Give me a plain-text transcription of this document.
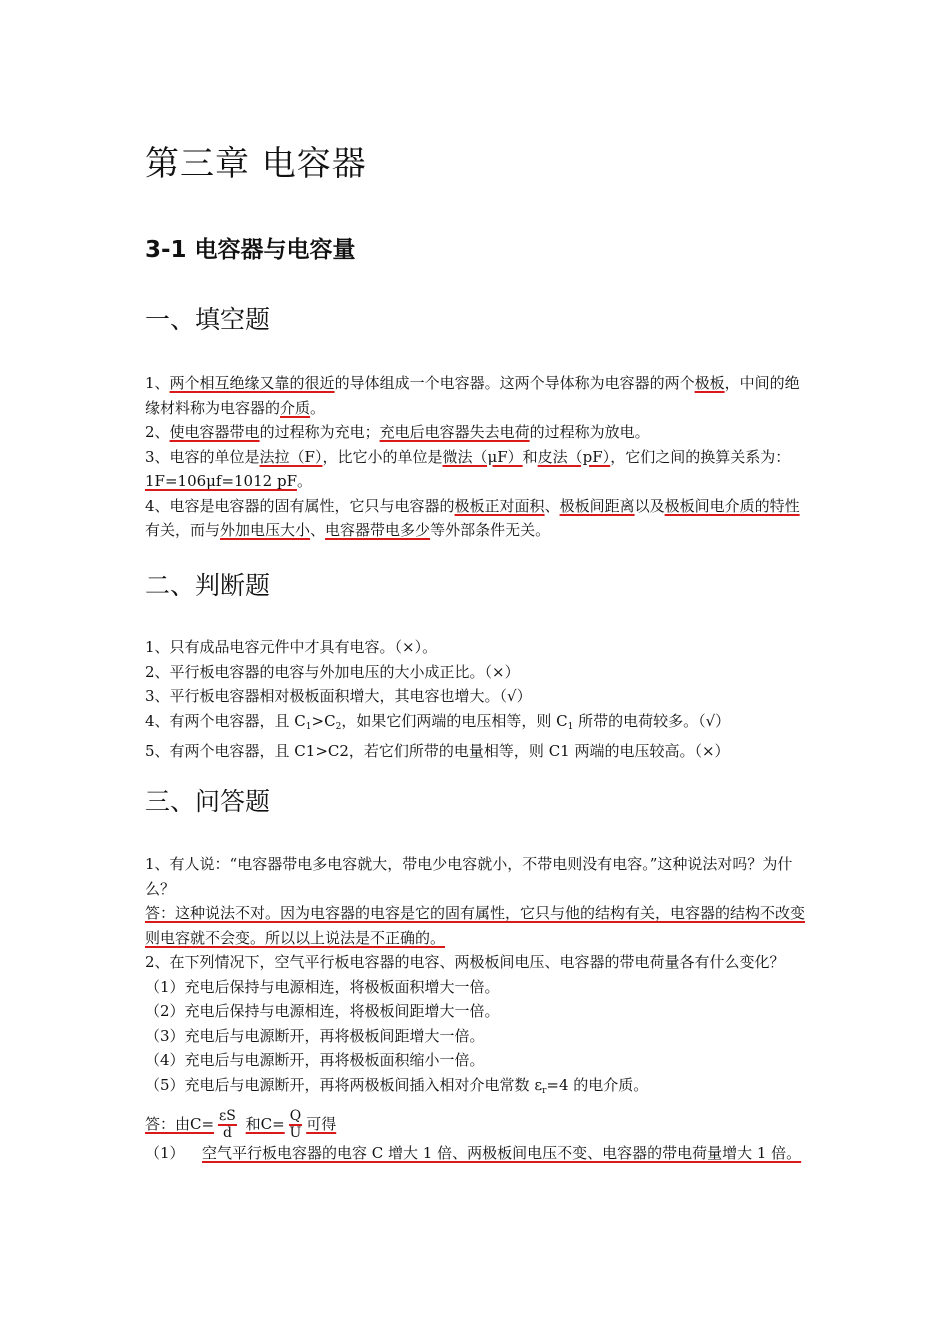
第三章 电容器
3-1 电容器与电容量
一、填空题

1、两个相互绝缘又靠的很近的导体组成一个电容器。这两个导体称为电容器的两个极板，中间的绝缘材料称为电容器的介质。

2、使电容器带电的过程称为充电；充电后电容器失去电荷的过程称为放电。

3、电容的单位是法拉（F），比它小的单位是微法（μF）和皮法（pF），它们之间的换算关系为：1F=106μf=1012 pF。

4、电容是电容器的固有属性，它只与电容器的极板正对面积、极板间距离以及极板间电介质的特性有关，而与外加电压大小、电容器带电多少等外部条件无关。

二、判断题

1、只有成品电容元件中才具有电容。（×）。

2、平行板电容器的电容与外加电压的大小成正比。（×）

3、平行板电容器相对极板面积增大，其电容也增大。（√）

4、有两个电容器，且 $C_1>C_2$，如果它们两端的电压相等，则 $C_1$ 所带的电荷较多。（√）

5、有两个电容器，且 C1>C2，若它们所带的电量相等，则 C1 两端的电压较高。（×）

三、问答题

1、有人说：“电容器带电多电容就大，带电少电容就小，不带电则没有电容。”这种说法对吗？为什么？

答：这种说法不对。因为电容器的电容是它的固有属性，它只与他的结构有关，电容器的结构不改变则电容就不会变。所以以上说法是不正确的。

2、在下列情况下，空气平行板电容器的电容、两极板间电压、电容器的带电荷量各有什么变化？

（1）充电后保持与电源相连，将极板面积增大一倍。

（2）充电后保持与电源相连，将极板间距增大一倍。

（3）充电后与电源断开，再将极板间距增大一倍。

（4）充电后与电源断开，再将极板面积缩小一倍。

（5）充电后与电源断开，再将两极板间插入相对介电常数 $\varepsilon_r=4$ 的电介质。

答：由$C= \frac{\varepsilon S}{d}$ 和$C= \frac{Q}{U}$ 可得

（1）	空气平行板电容器的电容 C 增大 1 倍、两极板间电压不变、电容器的带电荷量增大 1 倍。
